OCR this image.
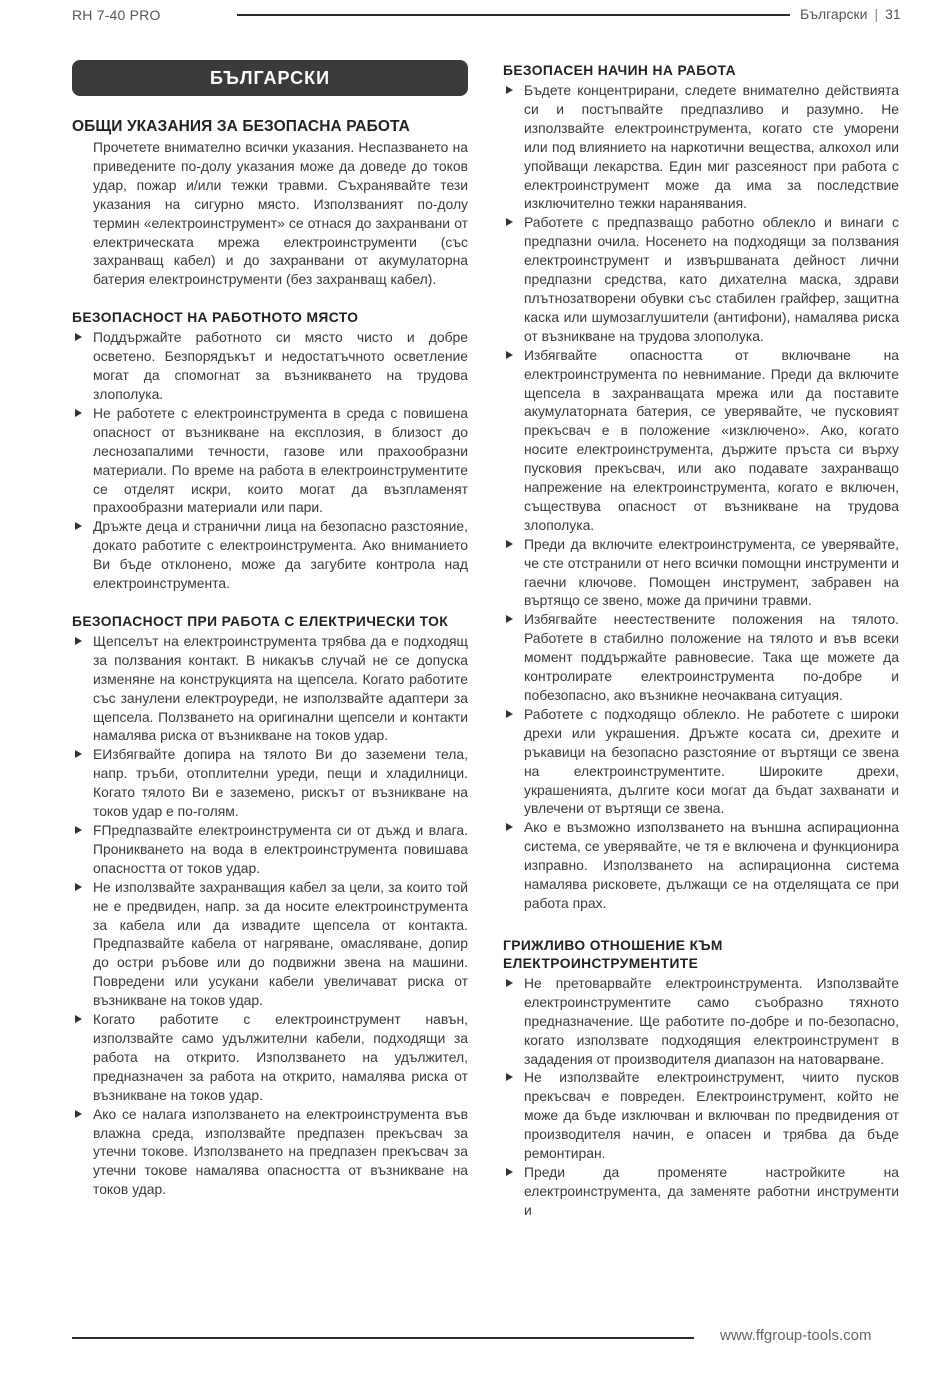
RH 7-40 PRO	Български | 31
БЪЛГАРСКИ
ОБЩИ УКАЗАНИЯ ЗА БЕЗОПАСНА РАБОТА

Прочетете внимателно всички указания. Неспазването на приведените по-долу указания може да доведе до токов удар, пожар и/или тежки травми. Съхранявайте тези указания на сигурно място. Използваният по-долу термин «електроинструмент» се отнася до захранвани от електрическата мрежа електроинструменти (със захранващ кабел) и до захранвани от акумулаторна батерия електроинструменти (без захранващ кабел).

БЕЗОПАСНОСТ НА РАБОТНОТО МЯСТО

Поддържайте работното си място чисто и добре осветено. Безпорядъкът и недостатъчното осветление могат да спомогнат за възникването на трудова злополука.

Не работете с електроинструмента в среда с повишена опасност от възникване на експлозия, в близост до леснозапалими течности, газове или прахообразни материали. По време на работа в електроинструментите се отделят искри, които могат да възпламенят прахообразни материали или пари.

Дръжте деца и странични лица на безопасно разстояние, докато работите с електроинструмента. Ако вниманието Ви бъде отклонено, може да загубите контрола над електроинструмента.

БЕЗОПАСНОСТ ПРИ РАБОТА С ЕЛЕКТРИЧЕСКИ ТОК

Щепселът на електроинструмента трябва да е подходящ за ползвания контакт. В никакъв случай не се допуска изменяне на конструкцията на щепсела. Когато работите със занулени електроуреди, не използвайте адаптери за щепсела. Ползването на оригинални щепсели и контакти намалява риска от възникване на токов удар.

EИзбягвайте допира на тялото Ви до заземени тела, напр. тръби, отоплителни уреди, пещи и хладилници. Когато тялото Ви е заземено, рискът от възникване на токов удар е по-голям.

FПредпазвайте електроинструмента си от дъжд и влага. Проникването на вода в електроинструмента повишава опасността от токов удар.

Не използвайте захранващия кабел за цели, за които той не е предвиден, напр. за да носите електроинструмента за кабела или да извадите щепсела от контакта. Предпазвайте кабела от нагряване, омасляване, допир до остри ръбове или до подвижни звена на машини. Повредени или усукани кабели увеличават риска от възникване на токов удар.

Когато работите с електроинструмент навън, използвайте само удължителни кабели, подходящи за работа на открито. Използването на удължител, предназначен за работа на открито, намалява риска от възникване на токов удар.

Ако се налага използването на електроинструмента във влажна среда, използвайте предпазен прекъсвач за утечни токове. Използването на предпазен прекъсвач за утечни токове намалява опасността от възникване на токов удар.

БЕЗОПАСЕН НАЧИН НА РАБОТА

Бъдете концентрирани, следете внимателно действията си и постъпвайте предпазливо и разумно. Не използвайте електроинструмента, когато сте уморени или под влиянието на наркотични вещества, алкохол или упойващи лекарства. Един миг разсеяност при работа с електроинструмент може да има за последствие изключително тежки наранявания.

Работете с предпазващо работно облекло и винаги с предпазни очила. Носенето на подходящи за ползвания електроинструмент и извършваната дейност лични предпазни средства, като дихателна маска, здрави плътнозатворени обувки със стабилен грайфер, защитна каска или шумозаглушители (антифони), намалява риска от възникване на трудова злополука.

Избягвайте опасността от включване на електроинструмента по невнимание. Преди да включите щепсела в захранващата мрежа или да поставите акумулаторната батерия, се уверявайте, че пусковият прекъсвач е в положение «изключено». Ако, когато носите електроинструмента, държите пръста си върху пусковия прекъсвач, или ако подавате захранващо напрежение на електроинструмента, когато е включен, съществува опасност от възникване на трудова злополука.

Преди да включите електроинструмента, се уверявайте, че сте отстранили от него всички помощни инструменти и гаечни ключове. Помощен инструмент, забравен на въртящо се звено, може да причини травми.

Избягвайте неестествените положения на тялото. Работете в стабилно положение на тялото и във всеки момент поддържайте равновесие. Така ще можете да контролирате електроинструмента по-добре и побезопасно, ако възникне неочаквана ситуация.

Работете с подходящо облекло. Не работете с широки дрехи или украшения. Дръжте косата си, дрехите и ръкавици на безопасно разстояние от въртящи се звена на електроинструментите. Широките дрехи, украшенията, дългите коси могат да бъдат захванати и увлечени от въртящи се звена.

Ако е възможно използването на външна аспирационна система, се уверявайте, че тя е включена и функционира изправно. Използването на аспирационна система намалява рисковете, дължащи се на отделящата се при работа прах.

ГРИЖЛИВО ОТНОШЕНИЕ КЪМ ЕЛЕКТРОИНСТРУМЕНТИТЕ

Не претоварвайте електроинструмента. Използвайте електроинструментите само съобразно тяхното предназначение. Ще работите по-добре и по-безопасно, когато използвате подходящия електроинструмент в зададения от производителя диапазон на натоварване.

Не използвайте електроинструмент, чиито пусков прекъсвач е повреден. Електроинструмент, който не може да бъде изключван и включван по предвидения от производителя начин, е опасен и трябва да бъде ремонтиран.

Преди да променяте настройките на електроинструмента, да заменяте работни инструменти и

www.ffgroup-tools.com
